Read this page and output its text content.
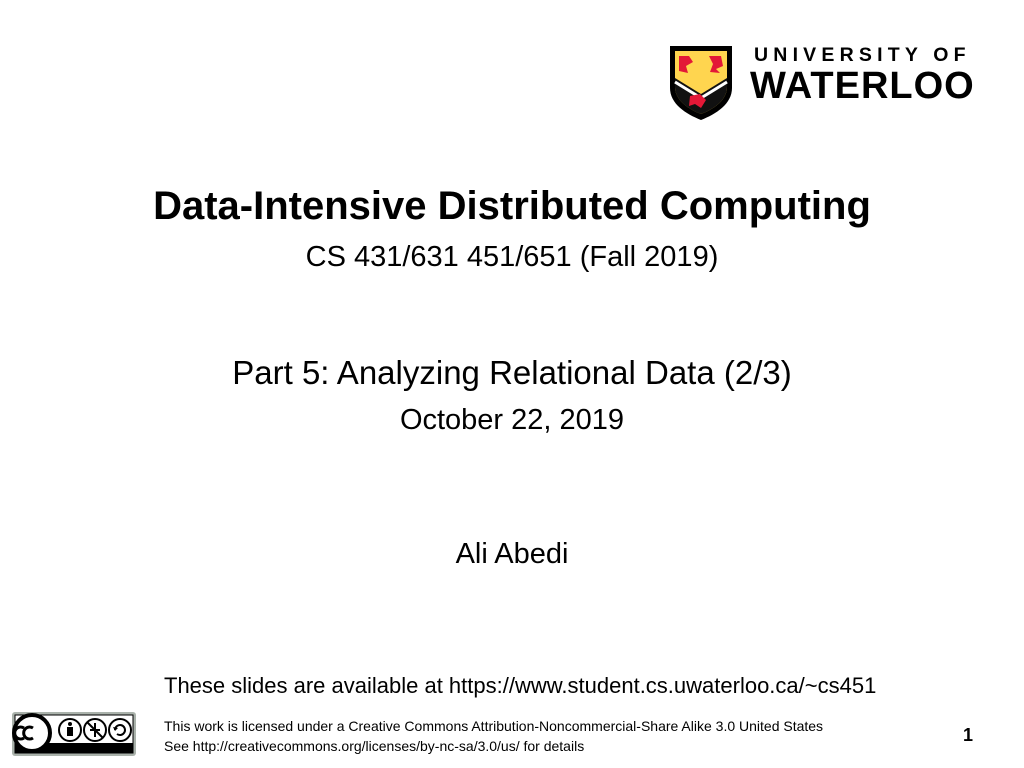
UNIVERSITY OF
WATERLOO
Data-Intensive Distributed Computing
CS 431/631 451/651 (Fall 2019)
Part 5: Analyzing Relational Data (2/3)
October 22, 2019
Ali Abedi
These slides are available at https://www.student.cs.uwaterloo.ca/~cs451
This work is licensed under a Creative Commons Attribution-Noncommercial-Share Alike 3.0 United States
See http://creativecommons.org/licenses/by-nc-sa/3.0/us/ for details
1
